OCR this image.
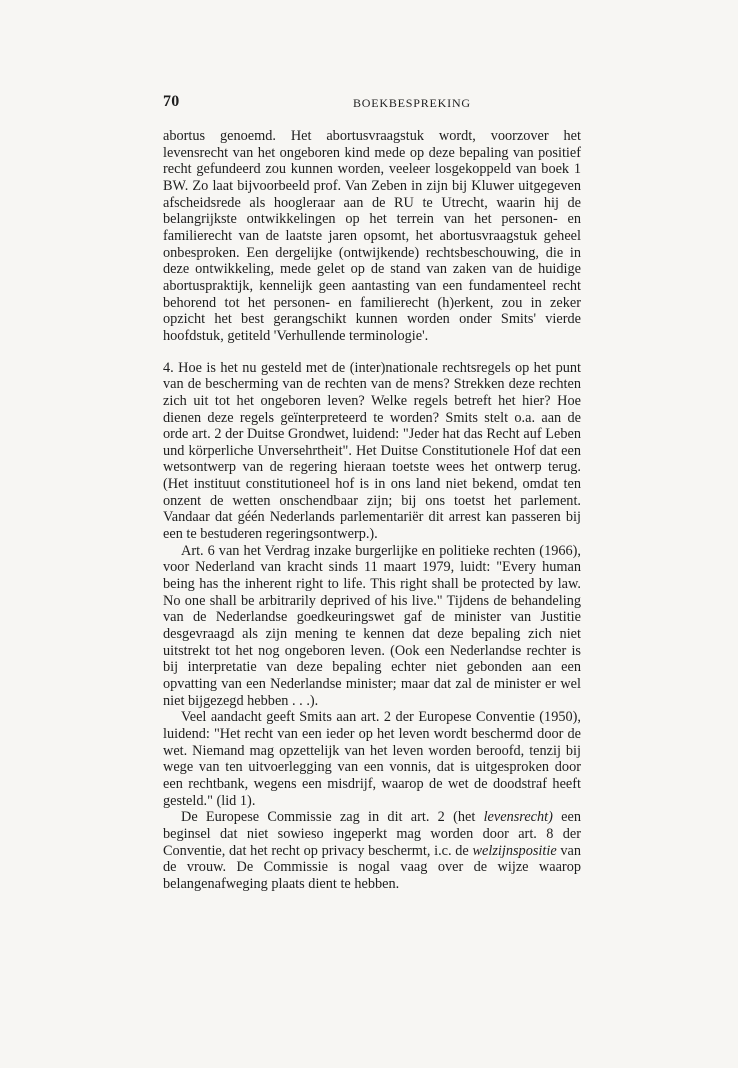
70	BOEKBESPREKING

abortus genoemd. Het abortusvraagstuk wordt, voorzover het levensrecht van het ongeboren kind mede op deze bepaling van positief recht gefundeerd zou kunnen worden, veeleer losgekoppeld van boek 1 BW. Zo laat bijvoorbeeld prof. Van Zeben in zijn bij Kluwer uitgegeven afscheidsrede als hoogleraar aan de RU te Utrecht, waarin hij de belangrijkste ontwikkelingen op het terrein van het personen- en familierecht van de laatste jaren opsomt, het abortusvraagstuk geheel onbesproken. Een dergelijke (ontwijkende) rechtsbeschouwing, die in deze ontwikkeling, mede gelet op de stand van zaken van de huidige abortuspraktijk, kennelijk geen aantasting van een fundamenteel recht behorend tot het personen- en familierecht (h)erkent, zou in zeker opzicht het best gerangschikt kunnen worden onder Smits' vierde hoofdstuk, getiteld 'Verhullende terminologie'.

4. Hoe is het nu gesteld met de (inter)nationale rechtsregels op het punt van de bescherming van de rechten van de mens? Strekken deze rechten zich uit tot het ongeboren leven? Welke regels betreft het hier? Hoe dienen deze regels geïnterpreteerd te worden? Smits stelt o.a. aan de orde art. 2 der Duitse Grondwet, luidend: "Jeder hat das Recht auf Leben und körperliche Unversehrtheit". Het Duitse Constitutionele Hof dat een wetsontwerp van de regering hieraan toetste wees het ontwerp terug. (Het instituut constitutioneel hof is in ons land niet bekend, omdat ten onzent de wetten onschendbaar zijn; bij ons toetst het parlement. Vandaar dat géén Nederlands parlementariër dit arrest kan passeren bij een te bestuderen regeringsontwerp.).

Art. 6 van het Verdrag inzake burgerlijke en politieke rechten (1966), voor Nederland van kracht sinds 11 maart 1979, luidt: "Every human being has the inherent right to life. This right shall be protected by law. No one shall be arbitrarily deprived of his live." Tijdens de behandeling van de Nederlandse goedkeuringswet gaf de minister van Justitie desgevraagd als zijn mening te kennen dat deze bepaling zich niet uitstrekt tot het nog ongeboren leven. (Ook een Nederlandse rechter is bij interpretatie van deze bepaling echter niet gebonden aan een opvatting van een Nederlandse minister; maar dat zal de minister er wel niet bijgezegd hebben . . .).

Veel aandacht geeft Smits aan art. 2 der Europese Conventie (1950), luidend: "Het recht van een ieder op het leven wordt beschermd door de wet. Niemand mag opzettelijk van het leven worden beroofd, tenzij bij wege van ten uitvoerlegging van een vonnis, dat is uitgesproken door een rechtbank, wegens een misdrijf, waarop de wet de doodstraf heeft gesteld." (lid 1).

De Europese Commissie zag in dit art. 2 (het levensrecht) een beginsel dat niet sowieso ingeperkt mag worden door art. 8 der Conventie, dat het recht op privacy beschermt, i.c. de welzijnspositie van de vrouw. De Commissie is nogal vaag over de wijze waarop belangenafweging plaats dient te hebben.
